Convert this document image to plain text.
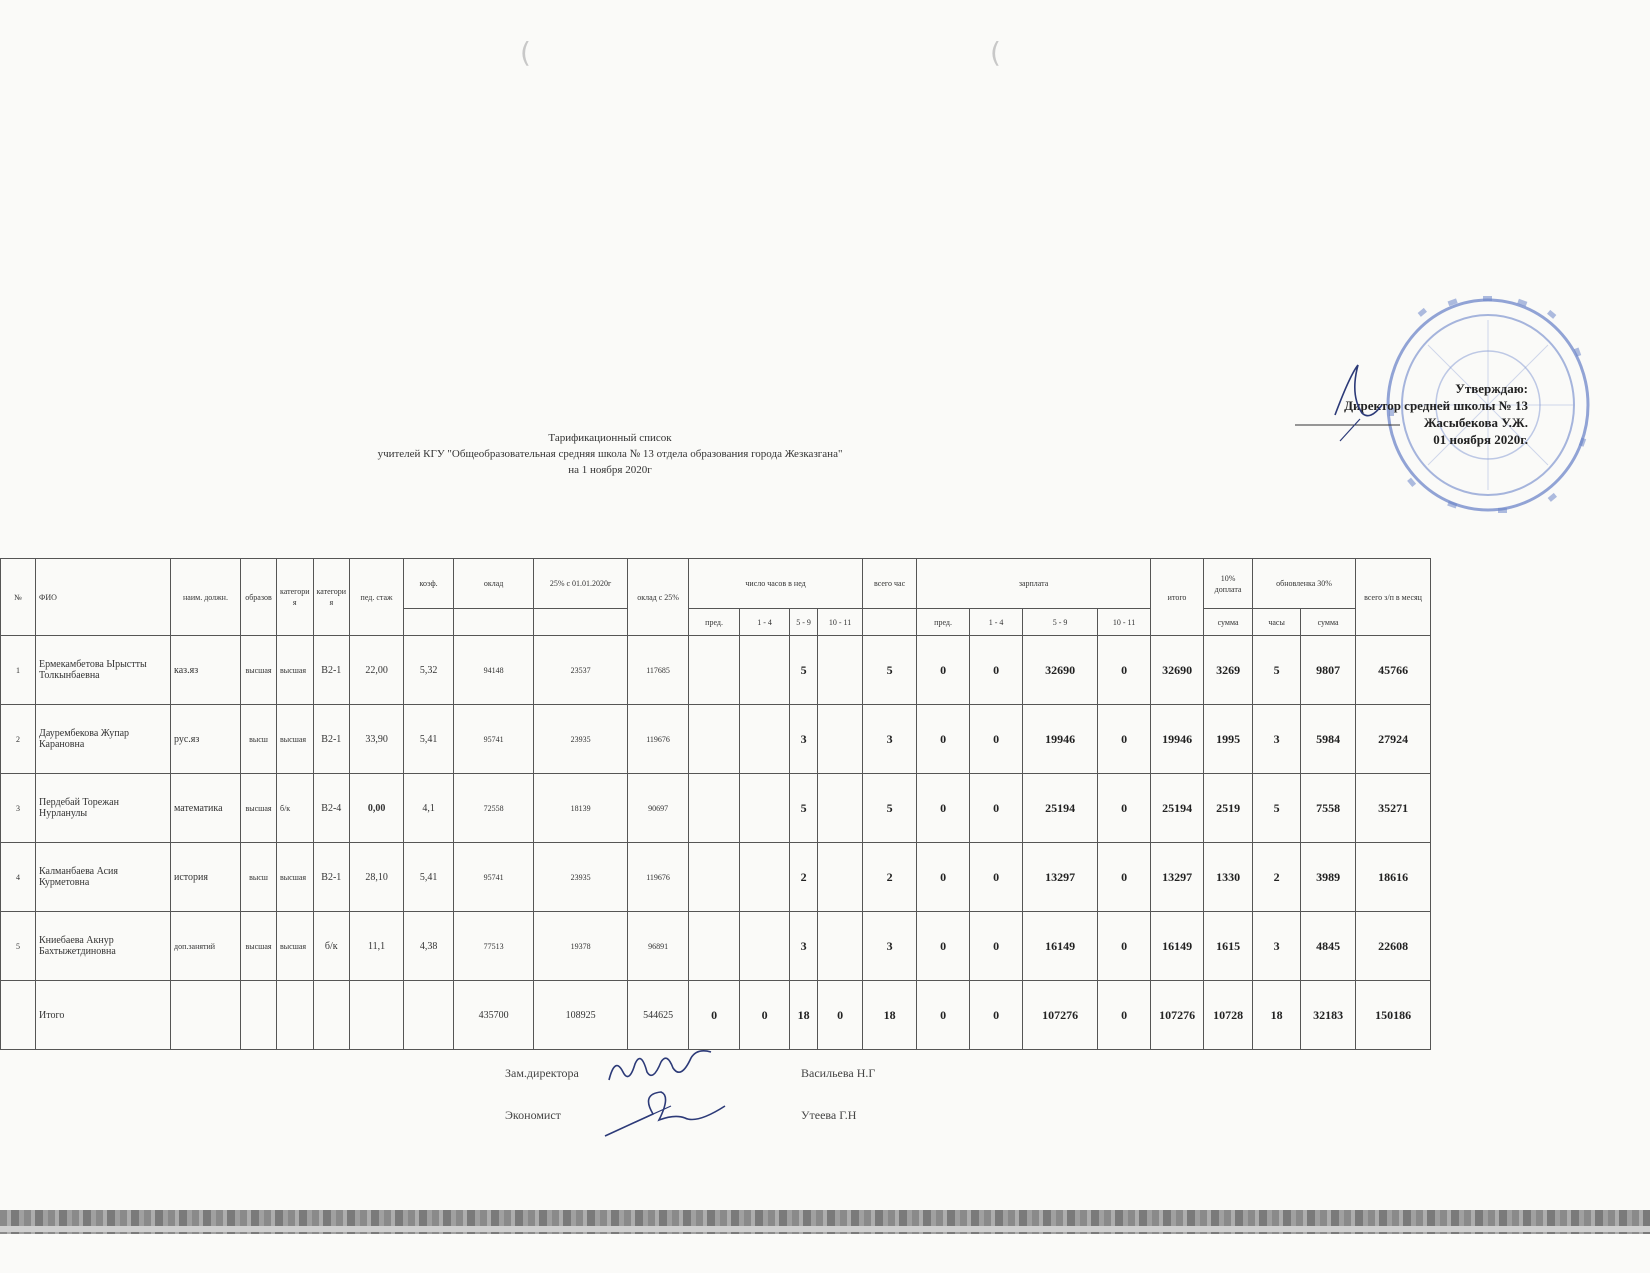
(	(
Утверждаю:
Директор средней школы № 13
Жасыбекова У.Ж.
01 ноября 2020г.
Тарификационный список
учителей КГУ "Общеобразовательная средняя школа № 13 отдела образования города Жезказгана"
на 1 ноября 2020г
№	ФИО	наим. должн.	образов	категори я	категори я	пед. стаж	коэф.	оклад	25% с 01.01.2020г	оклад с 25%	число часов в нед				всего час	зарплата				итого	10% доплата	обновленка 30%		всего з/п в месяц
											пред.	1 - 4	5 - 9	10 - 11		пред.	1 - 4	5 - 9	10 - 11		сумма	часы	сумма	
1	Ермекамбетова Ырыстты Толкынбаевна	каз.яз	высшая	высшая	В2-1	22,00	5,32	94148	23537	117685			5		5	0	0	32690	0	32690	3269	5	9807	45766
2	Даурембекова Жупар Карановна	рус.яз	высш	высшая	В2-1	33,90	5,41	95741	23935	119676			3		3	0	0	19946	0	19946	1995	3	5984	27924
3	Пердебай Торежан Нурланулы	математика	высшая	б/к	В2-4	0,00	4,1	72558	18139	90697			5		5	0	0	25194	0	25194	2519	5	7558	35271
4	Калманбаева Асия Курметовна	история	высш	высшая	В2-1	28,10	5,41	95741	23935	119676			2		2	0	0	13297	0	13297	1330	2	3989	18616
5	Книебаева Акнур Бахтыжетдиновна	доп.занятий	высшая	высшая	б/к	11,1	4,38	77513	19378	96891			3		3	0	0	16149	0	16149	1615	3	4845	22608
	Итого							435700	108925	544625	0	0	18	0	18	0	0	107276	0	107276	10728	18	32183	150186
Зам.директора	Васильева Н.Г
Экономист	Утеева Г.Н
